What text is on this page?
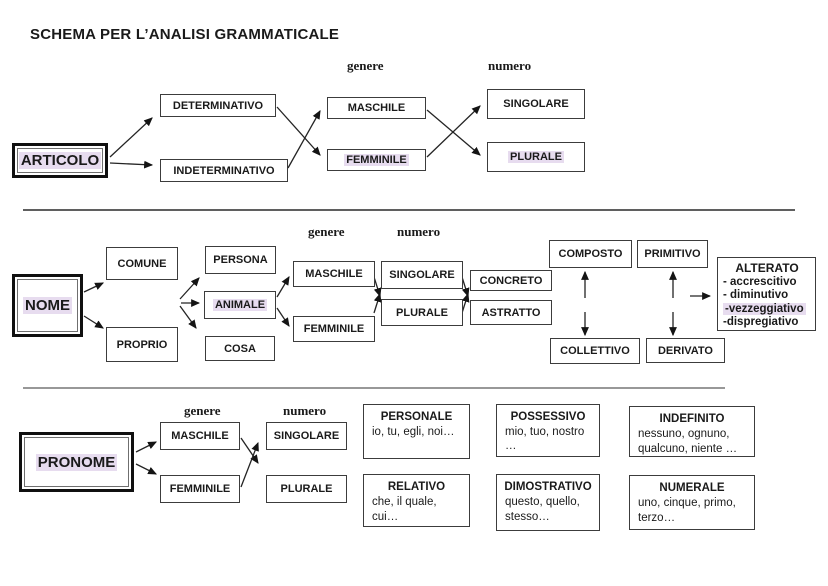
SCHEMA PER L’ANALISI GRAMMATICALE
genere	numero
ARTICOLO
DETERMINATIVO
INDETERMINATIVO
MASCHILE
FEMMINILE
SINGOLARE
PLURALE
genere	numero
NOME
COMUNE
PROPRIO
PERSONA
ANIMALE
COSA
MASCHILE
FEMMINILE
SINGOLARE
PLURALE
CONCRETO
ASTRATTO
COMPOSTO
COLLETTIVO
PRIMITIVO
DERIVATO
ALTERATO
- accrescitivo
- diminutivo
-vezzeggiativo
-dispregiativo
genere	numero
PRONOME
MASCHILE
FEMMINILE
SINGOLARE
PLURALE
PERSONALE
io, tu, egli, noi…
POSSESSIVO
mio, tuo, nostro …
INDEFINITO
nessuno, ognuno,
qualcuno, niente …
RELATIVO
che, il quale,
cui…
DIMOSTRATIVO
questo, quello,
stesso…
NUMERALE
uno, cinque, primo,
terzo…
